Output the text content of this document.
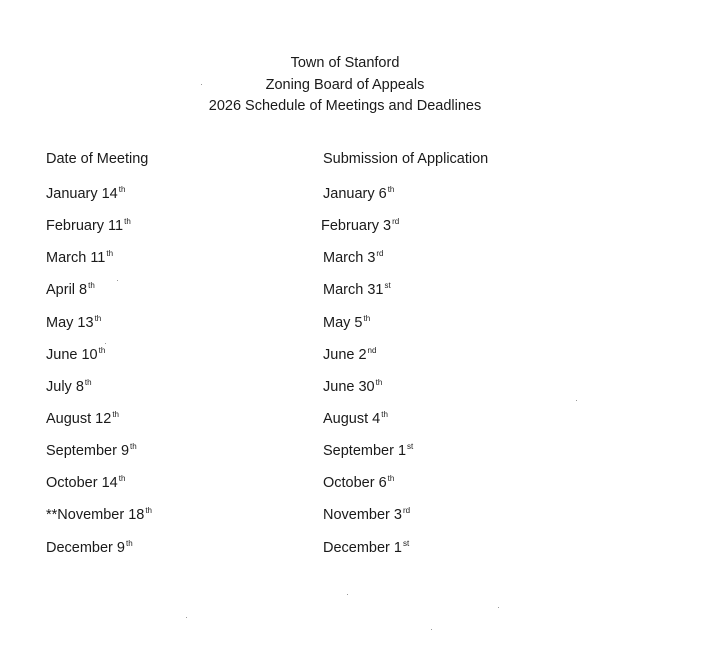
Town of Stanford
Zoning Board of Appeals
2026 Schedule of Meetings and Deadlines
Date of Meeting	Submission of Application
January 14th	January 6th
February 11th	February 3rd
March 11th	March 3rd
April 8th	March 31st
May 13th	May 5th
June 10th	June 2nd
July 8th	June 30th
August 12th	August 4th
September 9th	September 1st
October 14th	October 6th
**November 18th	November 3rd
December 9th	December 1st
